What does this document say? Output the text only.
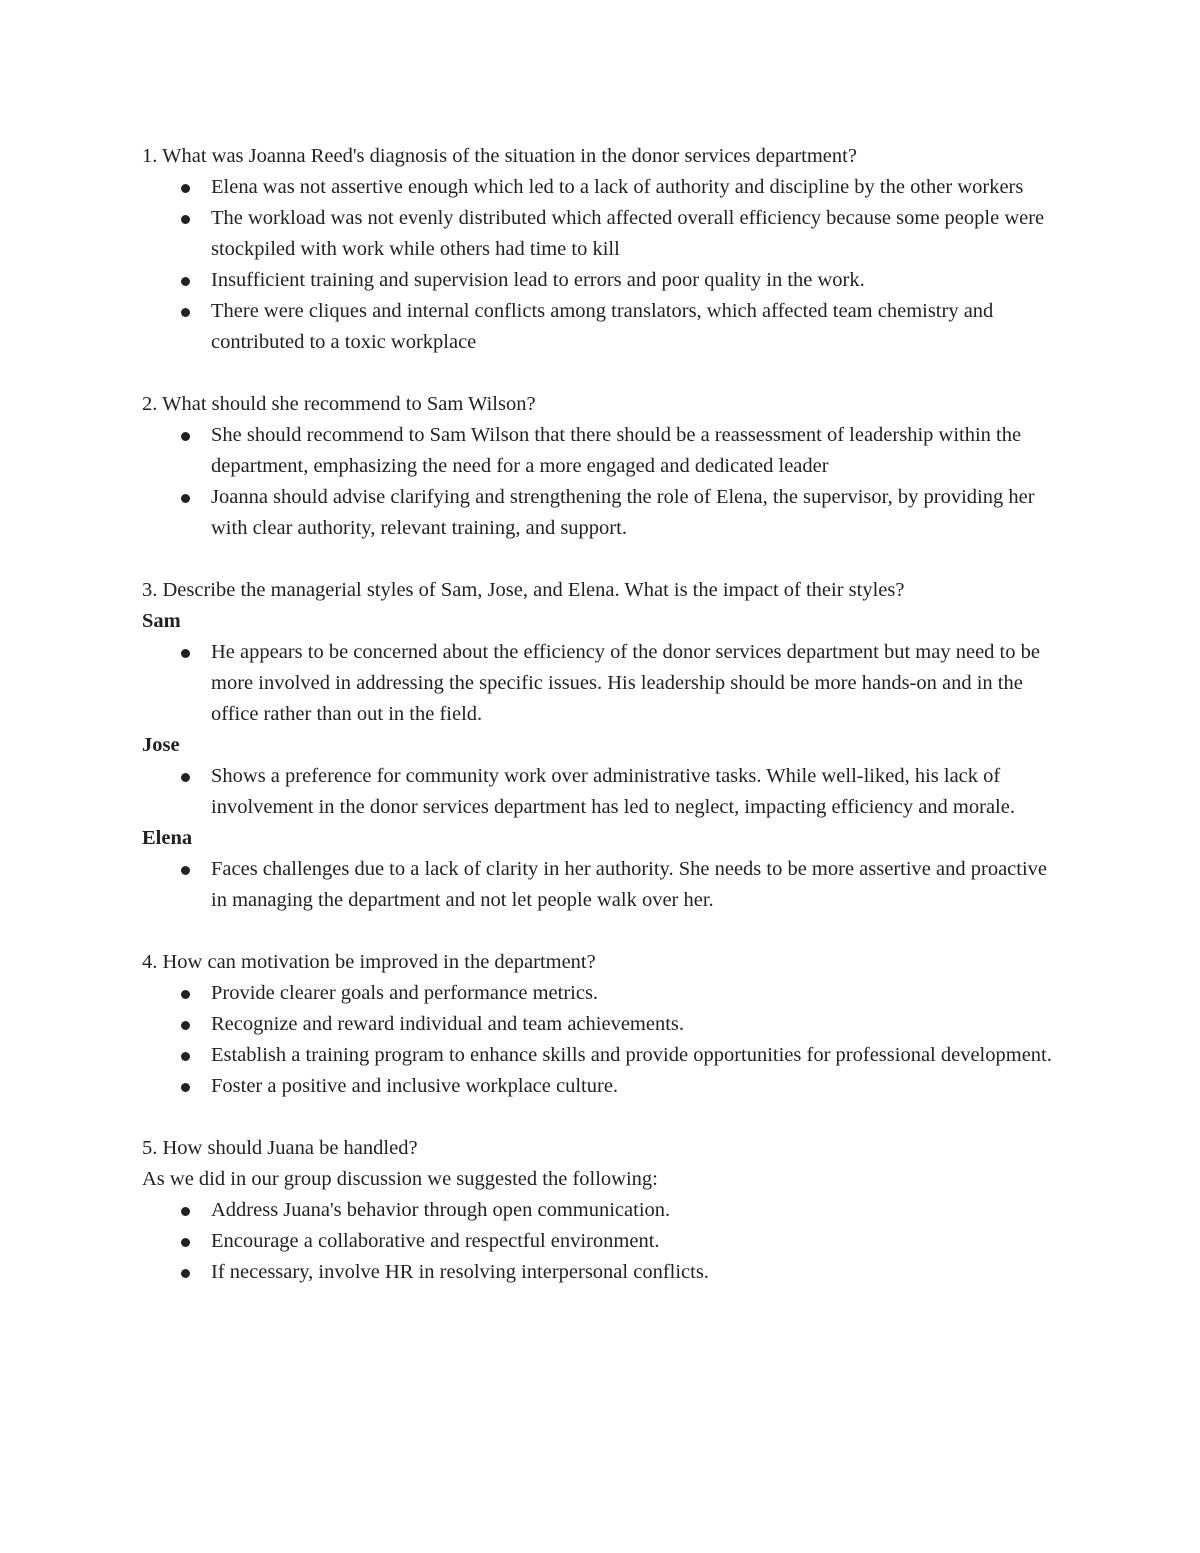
1. What was Joanna Reed's diagnosis of the situation in the donor services department?

Elena was not assertive enough which led to a lack of authority and discipline by the other workers
The workload was not evenly distributed which affected overall efficiency because some people were stockpiled with work while others had time to kill
Insufficient training and supervision lead to errors and poor quality in the work.
There were cliques and internal conflicts among translators, which affected team chemistry and contributed to a toxic workplace

2. What should she recommend to Sam Wilson?

She should recommend to Sam Wilson that there should be a reassessment of leadership within the department, emphasizing the need for a more engaged and dedicated leader
Joanna should advise clarifying and strengthening the role of Elena, the supervisor, by providing her with clear authority, relevant training, and support.

3. Describe the managerial styles of Sam, Jose, and Elena. What is the impact of their styles?

Sam

He appears to be concerned about the efficiency of the donor services department but may need to be more involved in addressing the specific issues. His leadership should be more hands-on and in the office rather than out in the field.

Jose

Shows a preference for community work over administrative tasks. While well-liked, his lack of involvement in the donor services department has led to neglect, impacting efficiency and morale.

Elena

Faces challenges due to a lack of clarity in her authority. She needs to be more assertive and proactive in managing the department and not let people walk over her.

4. How can motivation be improved in the department?

Provide clearer goals and performance metrics.
Recognize and reward individual and team achievements.
Establish a training program to enhance skills and provide opportunities for professional development.
Foster a positive and inclusive workplace culture.

5. How should Juana be handled?

As we did in our group discussion we suggested the following:

Address Juana's behavior through open communication.
Encourage a collaborative and respectful environment.
If necessary, involve HR in resolving interpersonal conflicts.
